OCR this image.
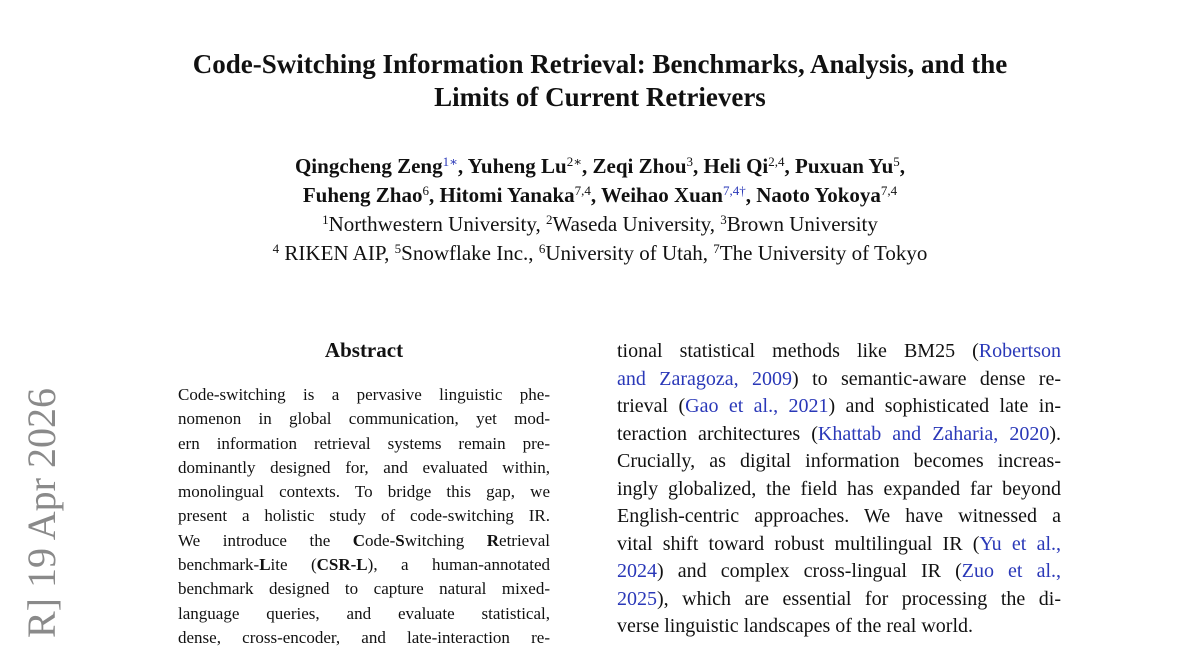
R] 19 Apr 2026
Code-Switching Information Retrieval: Benchmarks, Analysis, and the
Limits of Current Retrievers
Qingcheng Zeng$^{1∗}$, Yuheng $Lu^{2∗}$, Zeqi Zhou$^3$, Heli Qi$^{2,4}$, Puxuan Yu$^5$,
Fuheng Zhao$^6$, Hitomi Yanaka$^{7,4}$, Weihao Xuan$^{7,4\dagger}$, Naoto Yokoya$^{7,4}$
$^1$Northwestern University, $^2$Waseda University, $^3$Brown University
$^4$ RIKEN AIP, $^5$Snowflake Inc., $^6$University of Utah, $^7$The University of Tokyo
Abstract
Code-switching is a pervasive linguistic phe-
nomenon in global communication, yet mod-
ern information retrieval systems remain pre-
dominantly designed for, and evaluated within,
monolingual contexts. To bridge this gap, we
present a holistic study of code-switching IR.
We introduce the Code-Switching Retrieval
benchmark-Lite (CSR-L), a human-annotated
benchmark designed to capture natural mixed-
language queries, and evaluate statistical,
dense, cross-encoder, and late-interaction re-
tional statistical methods like BM25 (Robertson
and Zaragoza, 2009) to semantic-aware dense re-
trieval (Gao et al., 2021) and sophisticated late in-
teraction architectures (Khattab and Zaharia, 2020).
Crucially, as digital information becomes increas-
ingly globalized, the field has expanded far beyond
English-centric approaches. We have witnessed a
vital shift toward robust multilingual IR (Yu et al.,
2024) and complex cross-lingual IR (Zuo et al.,
2025), which are essential for processing the di-
verse linguistic landscapes of the real world.
